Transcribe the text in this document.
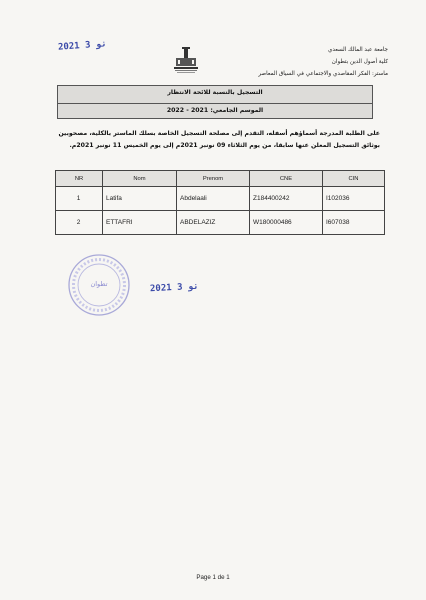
2021 نو 3	جامعة عبد المالك السعدي
كلية أصول الدين بتطوان
ماستر: الفكر المقاصدي والاجتماعي في السياق المعاصر
التسجيل بالنسبة للائحة الانتظار
الموسم الجامعي: 2021 - 2022
على الطلبة المدرجة أسماؤهم أسفله، التقدم إلى مصلحة التسجيل الخاصة بسلك الماستر بالكلية، مصحوبين بوثائق التسجيل المعلن عنها سابقا، من يوم الثلاثاء 09 نونبر 2021م إلى يوم الخميس 11 نونبر 2021م.
NR	Nom	Prenom	CNE	CIN
1	Latifa	Abdelaali	Z184400242	I102036
2	ETTAFRI	ABDELAZIZ	W180000486	I607038
تطوان	2021 نو 3
Page 1 de 1
